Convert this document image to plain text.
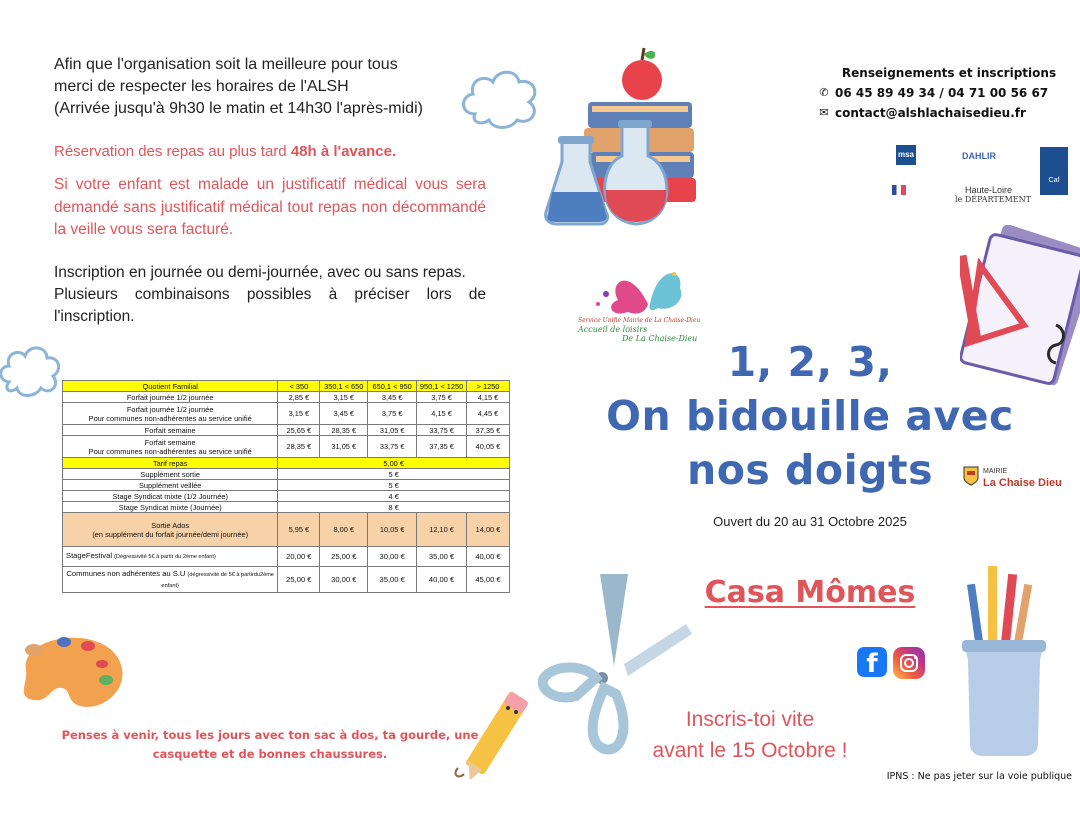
Afin que l'organisation soit la meilleure pour tous
merci de respecter les horaires de l'ALSH
(Arrivée jusqu'à 9h30 le matin et 14h30 l'après-midi)
Réservation des repas au plus tard 48h à l'avance.
Si votre enfant est malade un justificatif médical vous sera demandé sans justificatif médical tout repas non décommandé la veille vous sera facturé.
Inscription en journée ou demi-journée, avec ou sans repas.
Plusieurs combinaisons possibles à préciser lors de l'inscription.
Quotient Familial	< 350	350,1 < 650	650,1 < 950	950,1 < 1250	> 1250
Forfait journée 1/2 journée	2,85 €	3,15 €	3,45 €	3,75 €	4,15 €

Forfait journée 1/2 journée
Pour communes non-adhérentes au service unifié	3,15 €	3,45 €	3,75 €	4,15 €	4,45 €
Forfait semaine	25,65 €	28,35 €	31,05 €	33,75 €	37,35 €

Forfait semaine
Pour communes non-adhérentes au service unifié	28,35 €	31,05 €	33,75 €	37,35 €	40,05 €
Tarif repas	5,00 €				
Supplément sortie	5 €				
Supplément veillée	5 €				
Stage Syndicat mixte (1/2 Journée)	4 €				
Stage Syndicat mixte (Journée)	8 €				

Sortie Ados
(en supplément du forfait journée/demi journée)	5,95 €	8,00 €	10,05 €	12,10 €	14,00 €
StageFestival (Dégressivité 5€ à partir du 2ème enfant)	20,00 €	25,00 €	30,00 €	35,00 €	40,00 €
Communes non adhérentes au S.U (dégressivité de 5€ à partirdu2ème enfant)	25,00 €	30,00 €	35,00 €	40,00 €	45,00 €
Renseignements et inscriptions
✆ 06 45 89 49 34 / 04 71 00 56 67
✉ contact@alshlachaisedieu.fr
msa	DAHLIR
Caf
Haute-Loire
le DÉPARTEMENT
Service Unifié Mairie de La Chaise-Dieu
Accueil de loisirs
De La Chaise-Dieu 1, 2, 3,
On bidouille avec
nos doigts	MAIRIE
La Chaise Dieu
Ouvert du 20 au 31 Octobre 2025
Casa Mômes
f
Inscris-toi vite
avant le 15 Octobre !
Penses à venir, tous les jours avec ton sac à dos, ta gourde, une casquette et de bonnes chaussures.
IPNS : Ne pas jeter sur la voie publique
